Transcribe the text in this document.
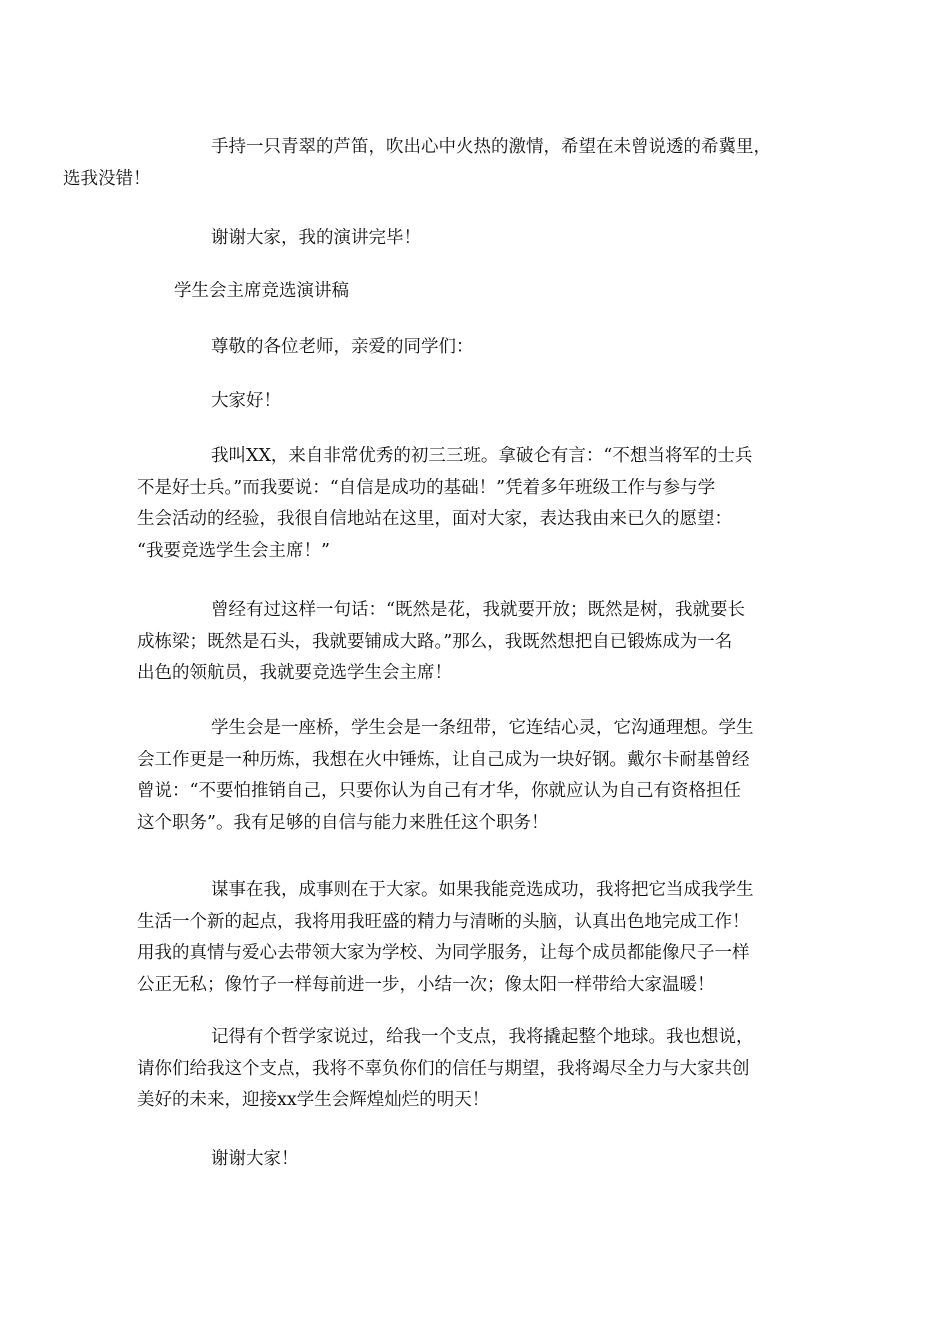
手持一只青翠的芦笛，吹出心中火热的激情，希望在未曾说透的希冀里，
选我没错！

谢谢大家，我的演讲完毕！

学生会主席竞选演讲稿

尊敬的各位老师，亲爱的同学们：

大家好！

我叫XX，来自非常优秀的初三三班。拿破仑有言：“不想当将军的士兵
不是好士兵。”而我要说：“自信是成功的基础！”凭着多年班级工作与参与学
生会活动的经验，我很自信地站在这里，面对大家，表达我由来已久的愿望：
“我要竞选学生会主席！”

曾经有过这样一句话：“既然是花，我就要开放；既然是树，我就要长
成栋梁；既然是石头，我就要铺成大路。”那么，我既然想把自已锻炼成为一名
出色的领航员，我就要竞选学生会主席！

学生会是一座桥，学生会是一条纽带，它连结心灵，它沟通理想。学生
会工作更是一种历炼，我想在火中锤炼，让自己成为一块好钢。戴尔卡耐基曾经
曾说：“不要怕推销自己，只要你认为自己有才华，你就应认为自己有资格担任
这个职务”。我有足够的自信与能力来胜任这个职务！

谋事在我，成事则在于大家。如果我能竞选成功，我将把它当成我学生
生活一个新的起点，我将用我旺盛的精力与清晰的头脑，认真出色地完成工作！
用我的真情与爱心去带领大家为学校、为同学服务，让每个成员都能像尺子一样
公正无私；像竹子一样每前进一步，小结一次；像太阳一样带给大家温暖！

记得有个哲学家说过，给我一个支点，我将撬起整个地球。我也想说，
请你们给我这个支点，我将不辜负你们的信任与期望，我将竭尽全力与大家共创
美好的未来，迎接xx学生会辉煌灿烂的明天！

谢谢大家！
